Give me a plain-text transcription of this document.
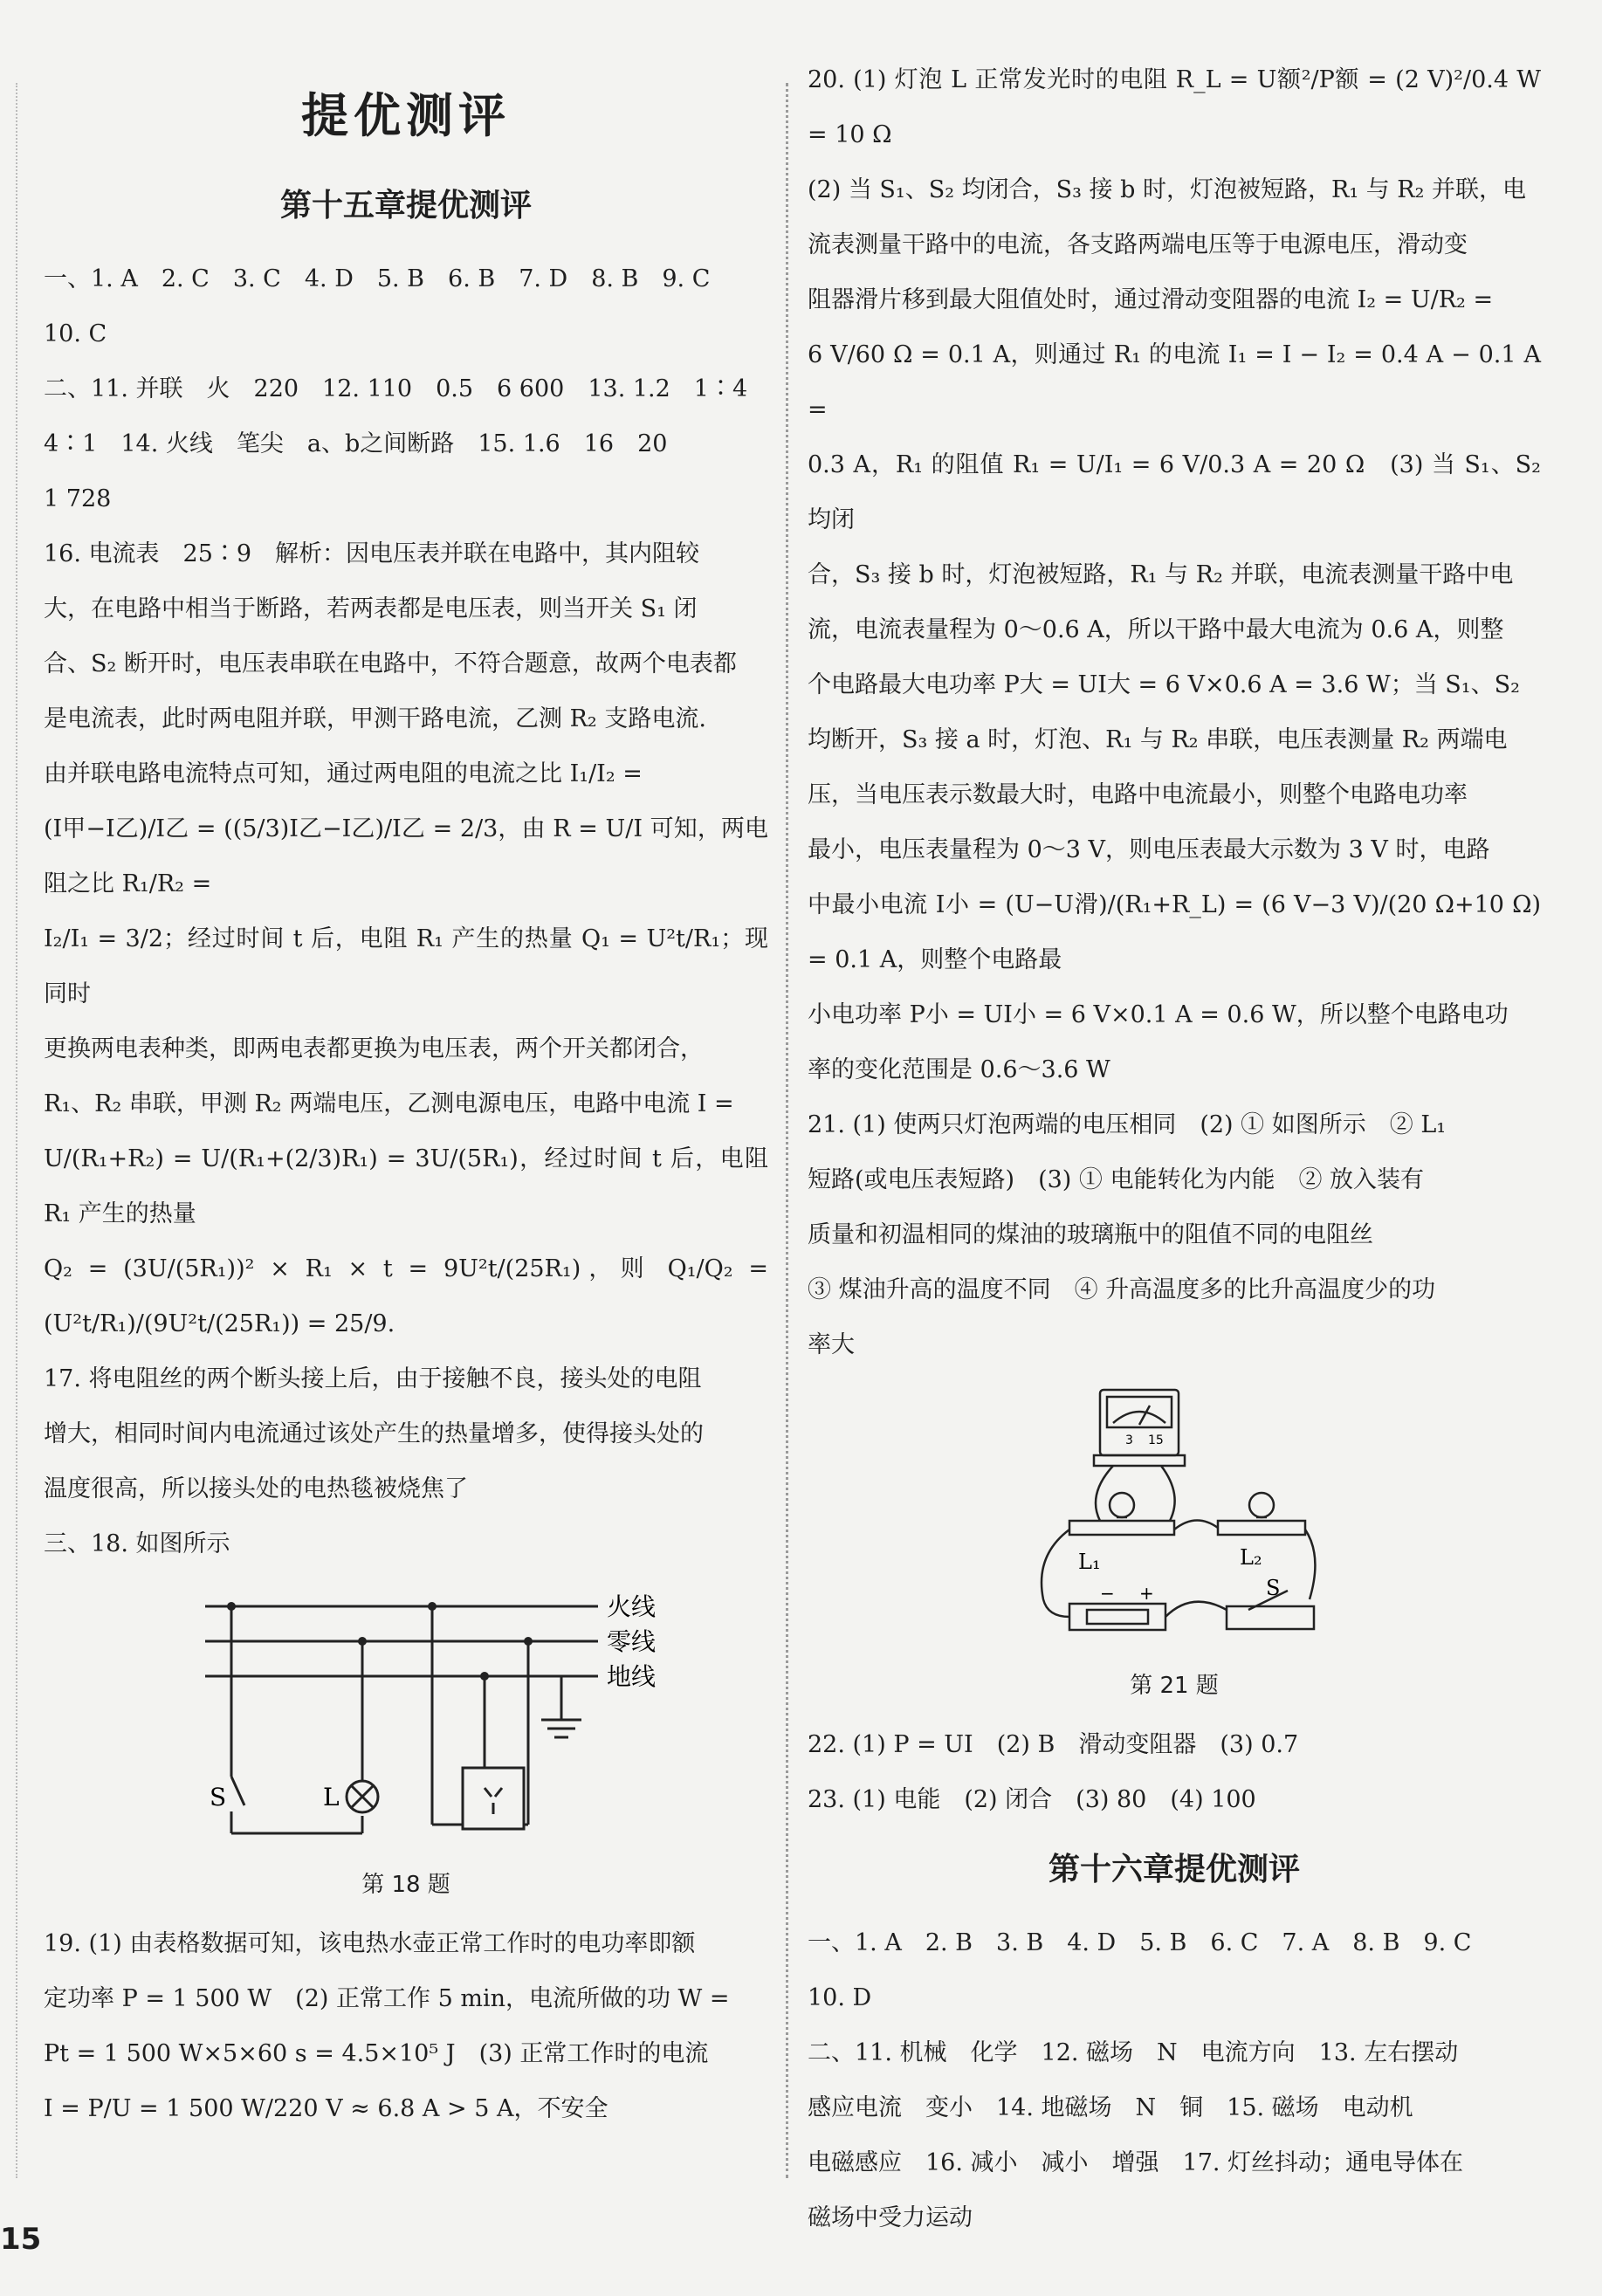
提优测评
第十五章提优测评

一、1. A　2. C　3. C　4. D　5. B　6. B　7. D　8. B　9. C

10. C

二、11. 并联　火　220　12. 110　0.5　6 600　13. 1.2　1∶4

4∶1　14. 火线　笔尖　a、b之间断路　15. 1.6　16　20

1 728

16. 电流表　25∶9　解析：因电压表并联在电路中，其内阻较

大，在电路中相当于断路，若两表都是电压表，则当开关 S₁ 闭

合、S₂ 断开时，电压表串联在电路中，不符合题意，故两个电表都

是电流表，此时两电阻并联，甲测干路电流，乙测 R₂ 支路电流.

由并联电路电流特点可知，通过两电阻的电流之比 I₁/I₂ =

(I甲−I乙)/I乙 = ((5/3)I乙−I乙)/I乙 = 2/3，由 R = U/I 可知，两电阻之比 R₁/R₂ =

I₂/I₁ = 3/2；经过时间 t 后，电阻 R₁ 产生的热量 Q₁ = U²t/R₁；现同时

更换两电表种类，即两电表都更换为电压表，两个开关都闭合，

R₁、R₂ 串联，甲测 R₂ 两端电压，乙测电源电压，电路中电流 I =

U/(R₁+R₂) = U/(R₁+(2/3)R₁) = 3U/(5R₁)，经过时间 t 后，电阻 R₁ 产生的热量

Q₂ = (3U/(5R₁))² × R₁ × t = 9U²t/(25R₁)，则 Q₁/Q₂ = (U²t/R₁)/(9U²t/(25R₁)) = 25/9.

17. 将电阻丝的两个断头接上后，由于接触不良，接头处的电阻

增大，相同时间内电流通过该处产生的热量增多，使得接头处的

温度很高，所以接头处的电热毯被烧焦了

三、18. 如图所示

火线
零线
地线
S	L
第 18 题

19. (1) 由表格数据可知，该电热水壶正常工作时的电功率即额

定功率 P = 1 500 W　(2) 正常工作 5 min，电流所做的功 W =

Pt = 1 500 W×5×60 s = 4.5×10⁵ J　(3) 正常工作时的电流

I = P/U = 1 500 W/220 V ≈ 6.8 A > 5 A，不安全

20. (1) 灯泡 L 正常发光时的电阻 R_L = U额²/P额 = (2 V)²/0.4 W = 10 Ω

(2) 当 S₁、S₂ 均闭合，S₃ 接 b 时，灯泡被短路，R₁ 与 R₂ 并联，电

流表测量干路中的电流，各支路两端电压等于电源电压，滑动变

阻器滑片移到最大阻值处时，通过滑动变阻器的电流 I₂ = U/R₂ =

6 V/60 Ω = 0.1 A，则通过 R₁ 的电流 I₁ = I − I₂ = 0.4 A − 0.1 A =

0.3 A，R₁ 的阻值 R₁ = U/I₁ = 6 V/0.3 A = 20 Ω　(3) 当 S₁、S₂ 均闭

合，S₃ 接 b 时，灯泡被短路，R₁ 与 R₂ 并联，电流表测量干路中电

流，电流表量程为 0～0.6 A，所以干路中最大电流为 0.6 A，则整

个电路最大电功率 P大 = UI大 = 6 V×0.6 A = 3.6 W；当 S₁、S₂

均断开，S₃ 接 a 时，灯泡、R₁ 与 R₂ 串联，电压表测量 R₂ 两端电

压，当电压表示数最大时，电路中电流最小，则整个电路电功率

最小，电压表量程为 0～3 V，则电压表最大示数为 3 V 时，电路

中最小电流 I小 = (U−U滑)/(R₁+R_L) = (6 V−3 V)/(20 Ω+10 Ω) = 0.1 A，则整个电路最

小电功率 P小 = UI小 = 6 V×0.1 A = 0.6 W，所以整个电路电功

率的变化范围是 0.6～3.6 W

21. (1) 使两只灯泡两端的电压相同　(2) ① 如图所示　② L₁

短路(或电压表短路)　(3) ① 电能转化为内能　② 放入装有

质量和初温相同的煤油的玻璃瓶中的阻值不同的电阻丝

③ 煤油升高的温度不同　④ 升高温度多的比升高温度少的功

率大

3 15
L₁	L₂
S
− +
第 21 题

22. (1) P = UI　(2) B　滑动变阻器　(3) 0.7

23. (1) 电能　(2) 闭合　(3) 80　(4) 100

第十六章提优测评

一、1. A　2. B　3. B　4. D　5. B　6. C　7. A　8. B　9. C

10. D

二、11. 机械　化学　12. 磁场　N　电流方向　13. 左右摆动

感应电流　变小　14. 地磁场　N　铜　15. 磁场　电动机

电磁感应　16. 减小　减小　增强　17. 灯丝抖动；通电导体在

磁场中受力运动

15
